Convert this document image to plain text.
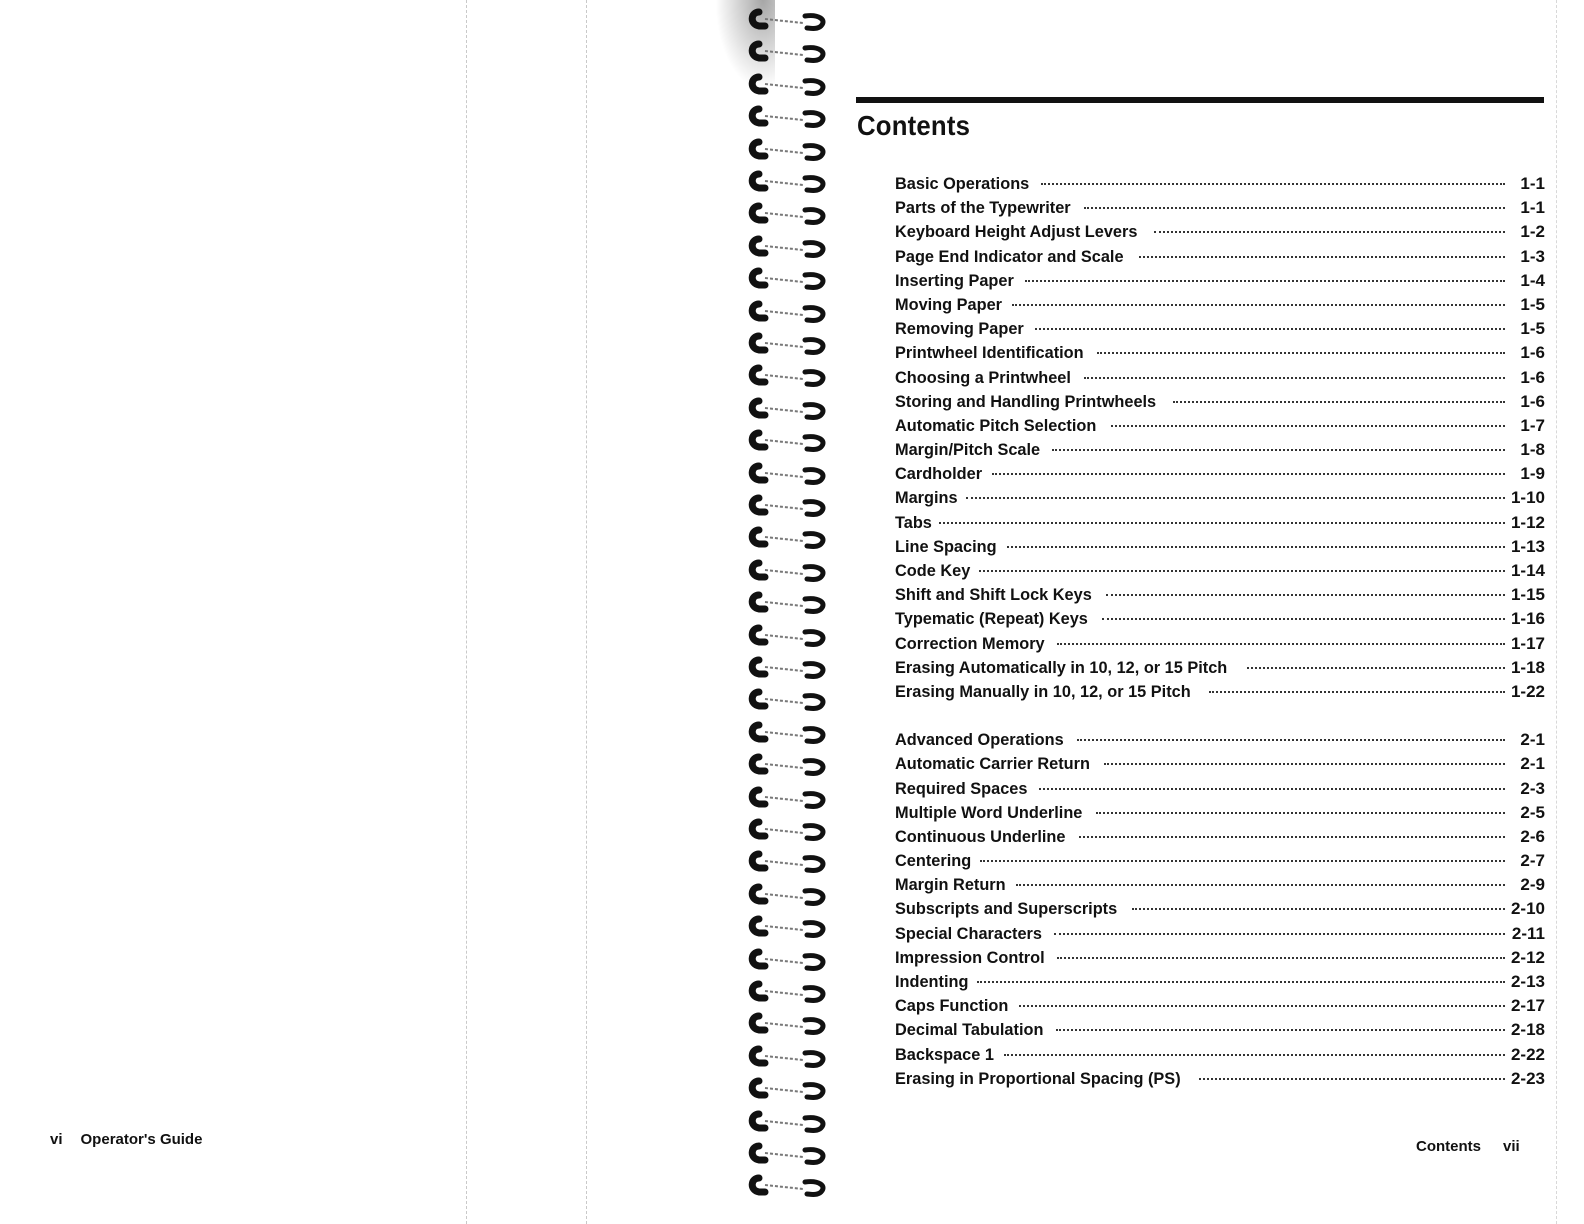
vi Operator's Guide
Contents
Basic Operations	1-1
Parts of the Typewriter	1-1
Keyboard Height Adjust Levers	1-2
Page End Indicator and Scale	1-3
Inserting Paper	1-4
Moving Paper	1-5
Removing Paper	1-5
Printwheel Identification	1-6
Choosing a Printwheel	1-6
Storing and Handling Printwheels	1-6
Automatic Pitch Selection	1-7
Margin/Pitch Scale	1-8
Cardholder	1-9
Margins	1-10
Tabs	1-12
Line Spacing	1-13
Code Key	1-14
Shift and Shift Lock Keys	1-15
Typematic (Repeat) Keys	1-16
Correction Memory	1-17
Erasing Automatically in 10, 12, or 15 Pitch	1-18
Erasing Manually in 10, 12, or 15 Pitch	1-22
Advanced Operations	2-1
Automatic Carrier Return	2-1
Required Spaces	2-3
Multiple Word Underline	2-5
Continuous Underline	2-6
Centering	2-7
Margin Return	2-9
Subscripts and Superscripts	2-10
Special Characters	2-11
Impression Control	2-12
Indenting	2-13
Caps Function	2-17
Decimal Tabulation	2-18
Backspace 1	2-22
Erasing in Proportional Spacing (PS)	2-23
Contents vii
